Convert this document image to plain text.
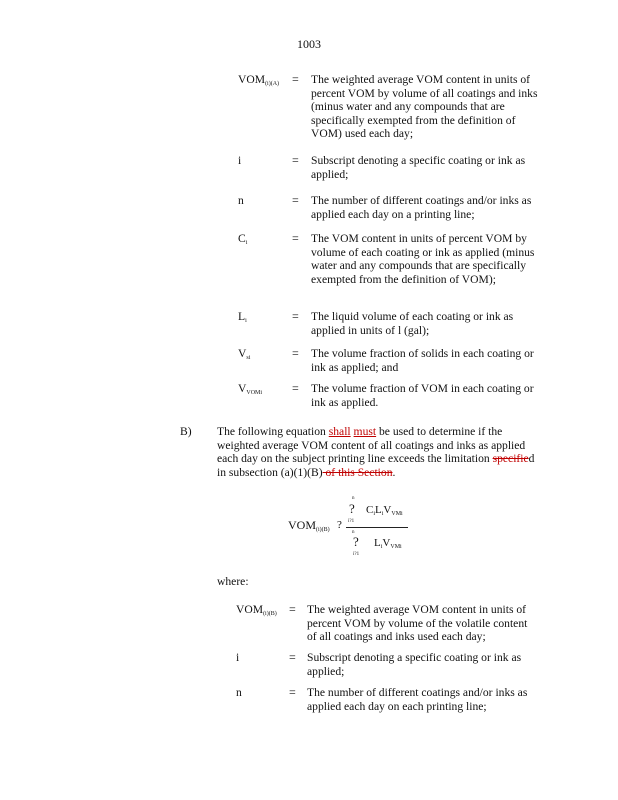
1003
$VOM_{(i)(A)}$ = The weighted average VOM content in units of percent VOM by volume of all coatings and inks (minus water and any compounds that are specifically exempted from the definition of VOM) used each day;
i	= Subscript denoting a specific coating or ink as applied;
n	= The number of different coatings and/or inks as applied each day on a printing line;
$C_i$	= The VOM content in units of percent VOM by volume of each coating or ink as applied (minus water and any compounds that are specifically exempted from the definition of VOM);
$L_i$	= The liquid volume of each coating or ink as applied in units of l (gal);
$V_{si}$	= The volume fraction of solids in each coating or ink as applied; and
$V_{VOMi}$ = The volume fraction of VOM in each coating or ink as applied.
B) The following equation shall must be used to determine if the weighted average VOM content of all coatings and inks as applied each day on the subject printing line exceeds the limitation specified in subsection (a)(1)(B) of this Section.
$VOM_{(i)(B)}$ ?
n
?
i?1
$C_iL_iV_{VMi}$
n
?
i?1
$L_iV_{VMi}$
where:
$VOM_{(i)(B)}$ = The weighted average VOM content in units of percent VOM by volume of the volatile content of all coatings and inks used each day;
i	= Subscript denoting a specific coating or ink as applied;
n	= The number of different coatings and/or inks as applied each day on each printing line;
